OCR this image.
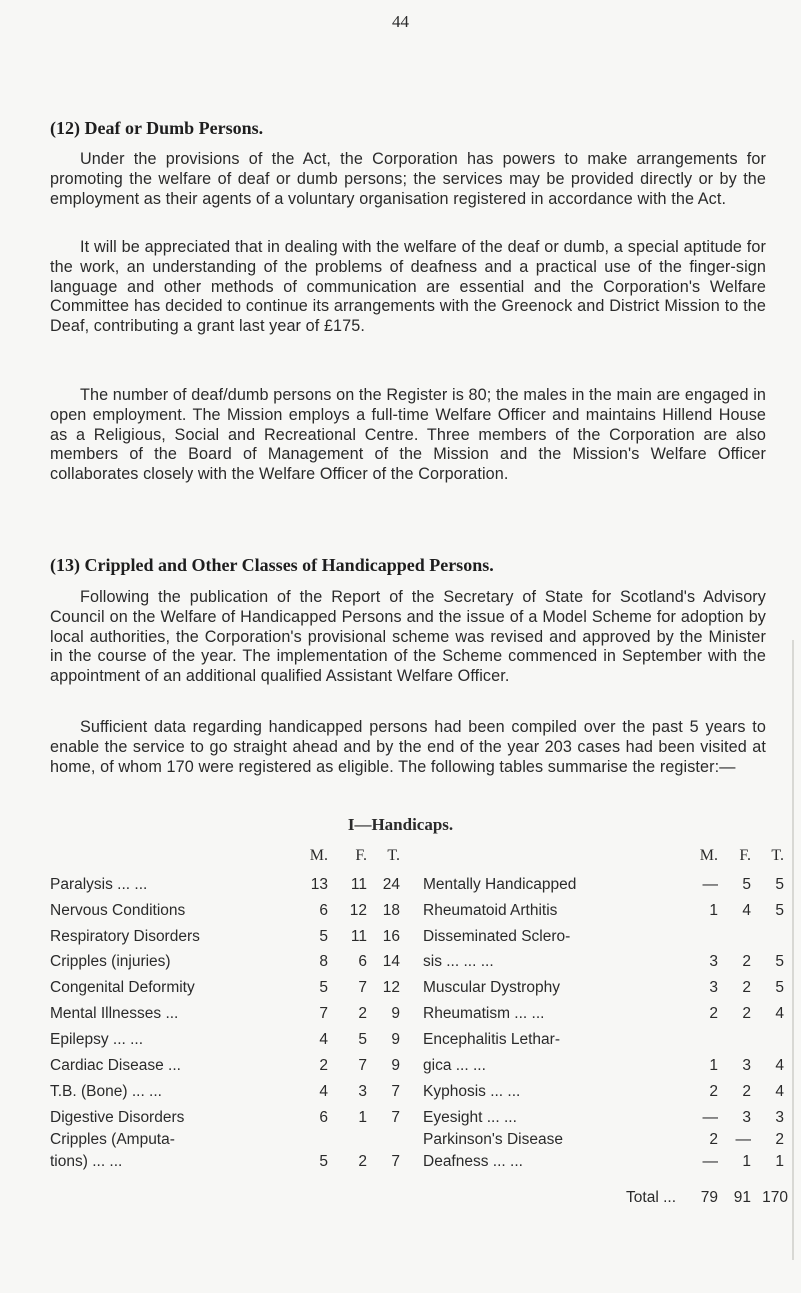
44
(12) Deaf or Dumb Persons.

Under the provisions of the Act, the Corporation has powers to make arrangements for promoting the welfare of deaf or dumb persons; the services may be provided directly or by the employment as their agents of a voluntary organisation registered in accordance with the Act.

It will be appreciated that in dealing with the welfare of the deaf or dumb, a special aptitude for the work, an understanding of the problems of deafness and a practical use of the finger-sign language and other methods of communication are essential and the Corporation's Welfare Committee has decided to continue its arrangements with the Greenock and District Mission to the Deaf, contributing a grant last year of £175.

The number of deaf/dumb persons on the Register is 80; the males in the main are engaged in open employment. The Mission employs a full-time Welfare Officer and maintains Hillend House as a Religious, Social and Recreational Centre. Three members of the Corporation are also members of the Board of Management of the Mission and the Mission's Welfare Officer collaborates closely with the Welfare Officer of the Corporation.

(13) Crippled and Other Classes of Handicapped Persons.

Following the publication of the Report of the Secretary of State for Scotland's Advisory Council on the Welfare of Handicapped Persons and the issue of a Model Scheme for adoption by local authorities, the Corporation's provisional scheme was revised and approved by the Minister in the course of the year. The implementation of the Scheme commenced in September with the appointment of an additional qualified Assistant Welfare Officer.

Sufficient data regarding handicapped persons had been compiled over the past 5 years to enable the service to go straight ahead and by the end of the year 203 cases had been visited at home, of whom 170 were registered as eligible. The following tables summarise the register:—

I—Handicaps.
M.	F.	T.	M.	F.	T.
Paralysis ... ...	13	11	24
Nervous Conditions	6	12	18
Respiratory Disorders	5	11	16
Cripples (injuries)	8	6	14
Congenital Deformity	5	7	12
Mental Illnesses ...	7	2	9
Epilepsy ... ...	4	5	9
Cardiac Disease ...	2	7	9
T.B. (Bone) ... ...	4	3	7
Digestive Disorders	6	1	7
Cripples (Amputa-
tions) ... ...	5	2	7
Mentally Handicapped	—	5	5
Rheumatoid Arthitis	1	4	5
Disseminated Sclero-
sis ... ... ...	3	2	5
Muscular Dystrophy	3	2	5
Rheumatism ... ...	2	2	4
Encephalitis Lethar-
gica ... ...	1	3	4
Kyphosis ... ...	2	2	4
Eyesight ... ...	—	3	3
Parkinson's Disease	2	—	2
Deafness ... ...	—	1	1
Total ...	79	91 170
